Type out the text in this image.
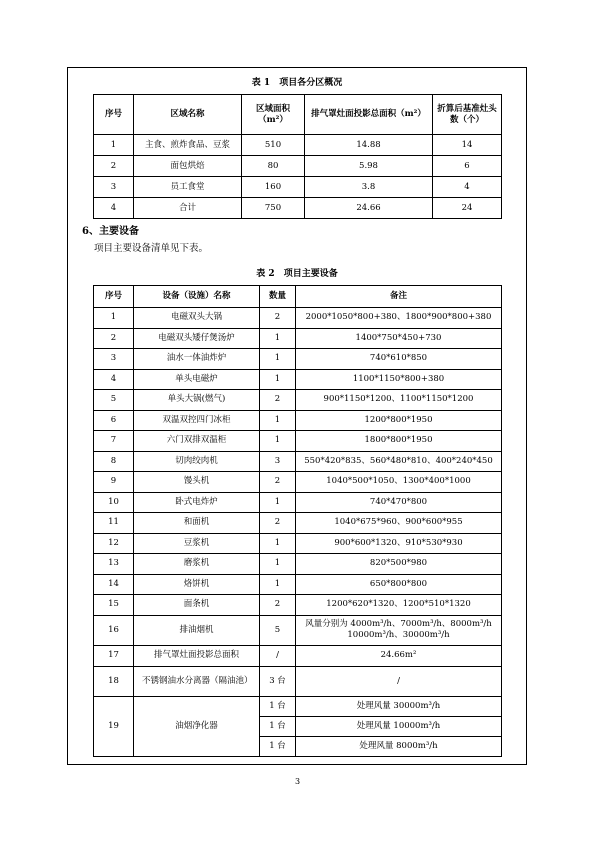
表 1　项目各分区概况
序号	区域名称	区域面积（m²）	排气罩灶面投影总面积（m²）	折算后基准灶头数（个）
1	主食、煎炸食品、豆浆	510	14.88	14
2	面包烘焙	80	5.98	6
3	员工食堂	160	3.8	4
4	合计	750	24.66	24
6、主要设备
项目主要设备清单见下表。
表 2　项目主要设备
序号	设备（设施）名称	数量	备注
1	电磁双头大锅	2	2000*1050*800+380、1800*900*800+380
2	电磁双头矮仔煲汤炉	1	1400*750*450+730
3	油水一体油炸炉	1	740*610*850
4	单头电磁炉	1	1100*1150*800+380
5	单头大锅(燃气)	2	900*1150*1200、1100*1150*1200
6	双温双控四门冰柜	1	1200*800*1950
7	六门双排双温柜	1	1800*800*1950
8	切肉绞肉机	3	550*420*835、560*480*810、400*240*450
9	馒头机	2	1040*500*1050、1300*400*1000
10	卧式电炸炉	1	740*470*800
11	和面机	2	1040*675*960、900*600*955
12	豆浆机	1	900*600*1320、910*530*930
13	磨浆机	1	820*500*980
14	烙饼机	1	650*800*800
15	面条机	2	1200*620*1320、1200*510*1320
16	排油烟机	5	风量分别为 4000m³/h、7000m³/h、8000m³/h
10000m³/h、30000m³/h

17	排气罩灶面投影总面积	/	24.66m²
18	不锈钢油水分离器（隔油池）	3 台	/
19	油烟净化器	1 台	处理风量 30000m³/h
		1 台	处理风量 10000m³/h
		1 台	处理风量 8000m³/h
3
